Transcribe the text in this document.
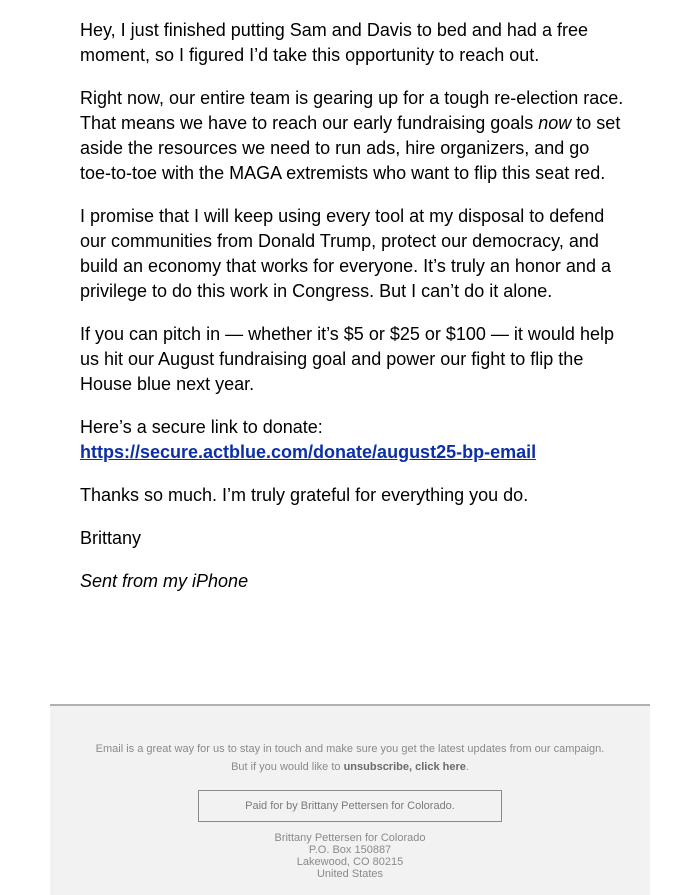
Hey, I just finished putting Sam and Davis to bed and had a free moment, so I figured I’d take this opportunity to reach out.

Right now, our entire team is gearing up for a tough re-election race. That means we have to reach our early fundraising goals now to set aside the resources we need to run ads, hire organizers, and go toe-to-toe with the MAGA extremists who want to flip this seat red.

I promise that I will keep using every tool at my disposal to defend our communities from Donald Trump, protect our democracy, and build an economy that works for everyone. It’s truly an honor and a privilege to do this work in Congress. But I can’t do it alone.

If you can pitch in — whether it’s $5 or $25 or $100 — it would help us hit our August fundraising goal and power our fight to flip the House blue next year.

Here’s a secure link to donate:
https://secure.actblue.com/donate/august25-bp-email

Thanks so much. I’m truly grateful for everything you do.

Brittany

Sent from my iPhone

Email is a great way for us to stay in touch and make sure you get the latest updates from our campaign.
But if you would like to unsubscribe, click here.
Paid for by Brittany Pettersen for Colorado.
Brittany Pettersen for Colorado
P.O. Box 150887
Lakewood, CO 80215
United States
